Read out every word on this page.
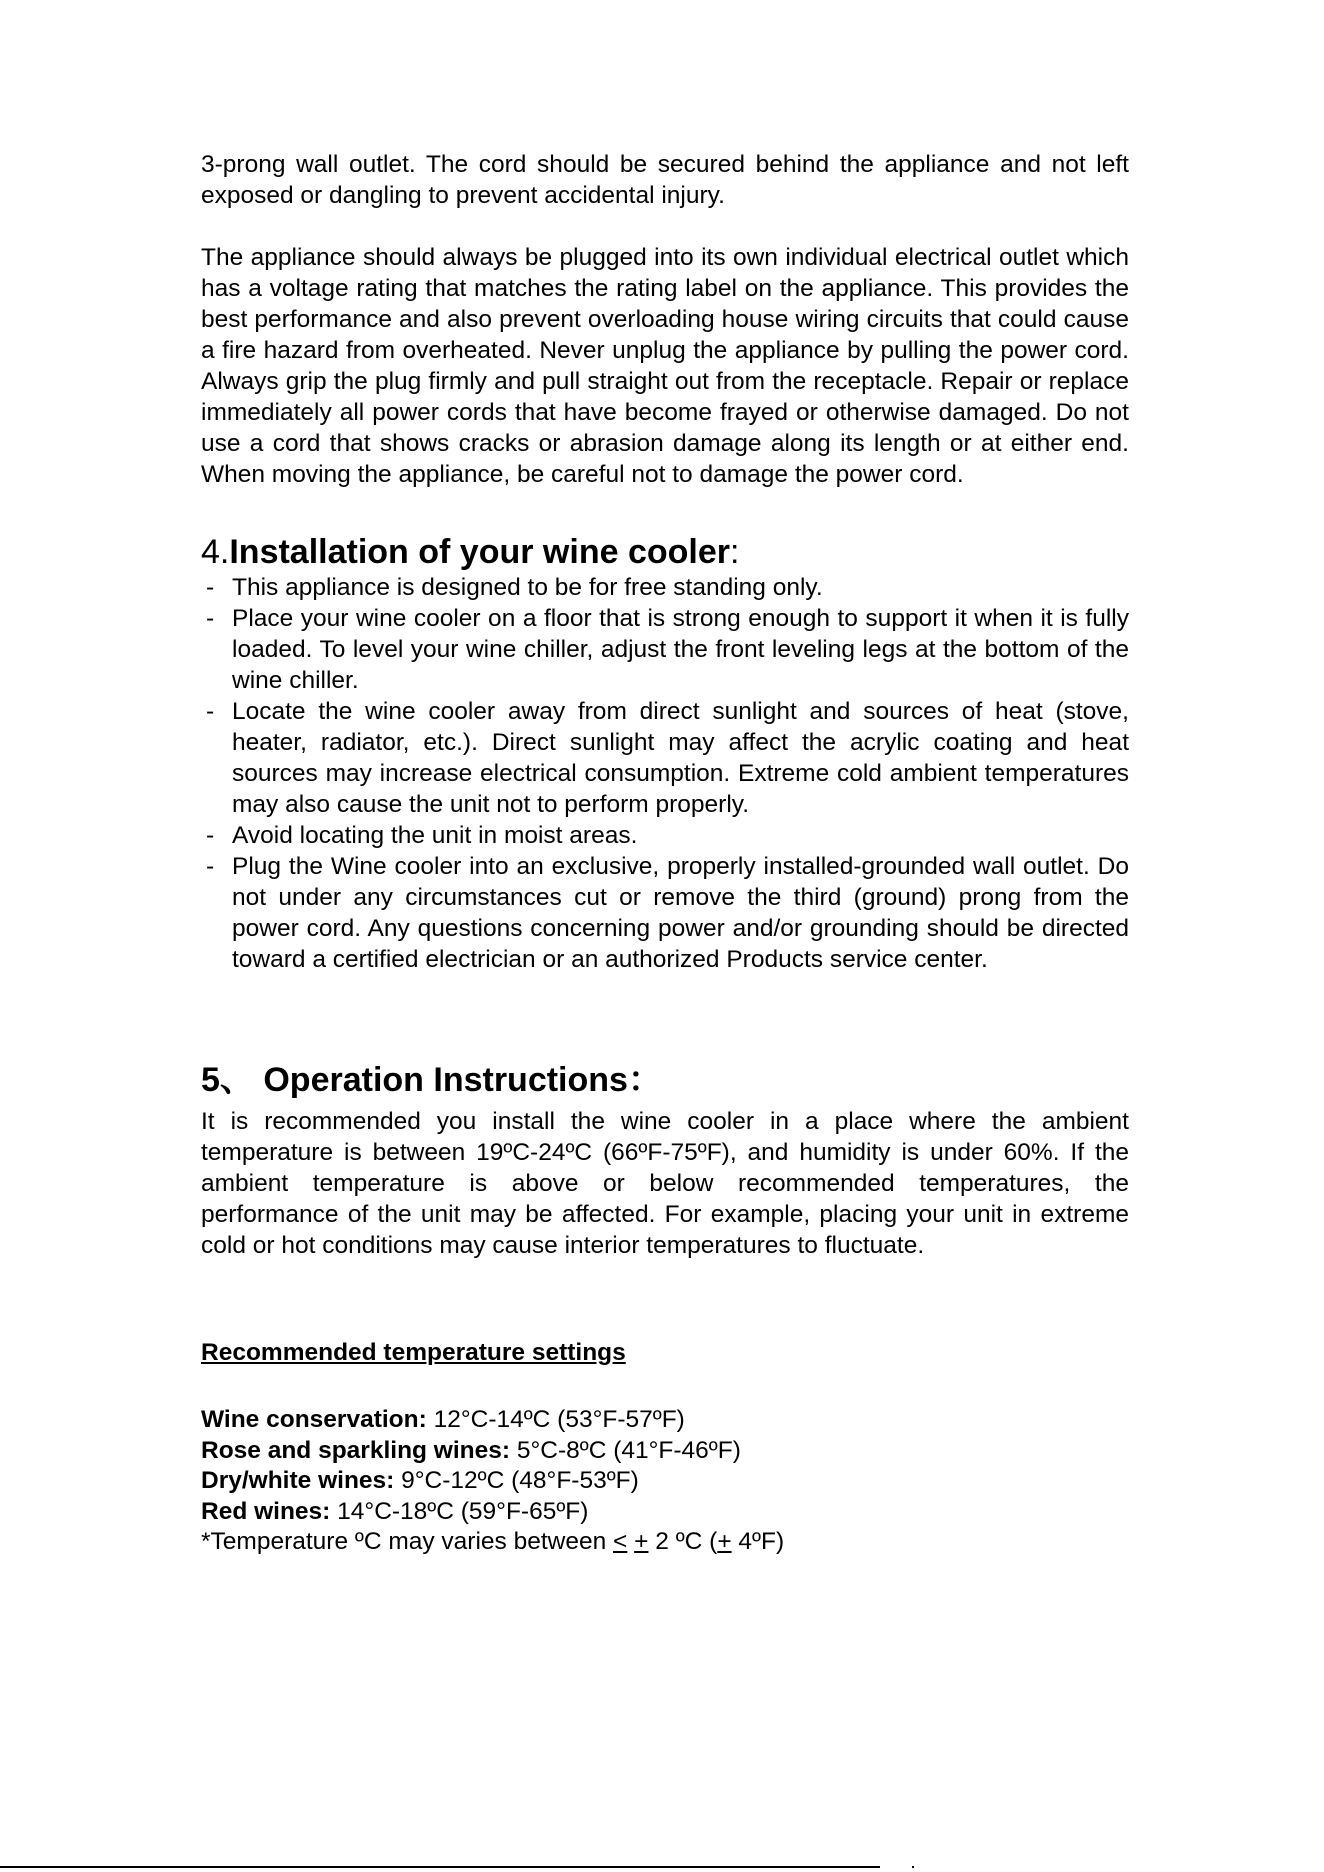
3-prong wall outlet. The cord should be secured behind the appliance and not left exposed or dangling to prevent accidental injury.

The appliance should always be plugged into its own individual electrical outlet which has a voltage rating that matches the rating label on the appliance. This provides the best performance and also prevent overloading house wiring circuits that could cause a fire hazard from overheated. Never unplug the appliance by pulling the power cord. Always grip the plug firmly and pull straight out from the receptacle. Repair or replace immediately all power cords that have become frayed or otherwise damaged. Do not use a cord that shows cracks or abrasion damage along its length or at either end. When moving the appliance, be careful not to damage the power cord.

4.Installation of your wine cooler:
- This appliance is designed to be for free standing only.
- Place your wine cooler on a floor that is strong enough to support it when it is fully loaded. To level your wine chiller, adjust the front leveling legs at the bottom of the wine chiller.
- Locate the wine cooler away from direct sunlight and sources of heat (stove, heater, radiator, etc.). Direct sunlight may affect the acrylic coating and heat sources may increase electrical consumption. Extreme cold ambient temperatures may also cause the unit not to perform properly.
- Avoid locating the unit in moist areas.
- Plug the Wine cooler into an exclusive, properly installed-grounded wall outlet. Do not under any circumstances cut or remove the third (ground) prong from the power cord. Any questions concerning power and/or grounding should be directed toward a certified electrician or an authorized Products service center.
5、 Operation Instructions：

It is recommended you install the wine cooler in a place where the ambient temperature is between 19ºC-24ºC (66ºF-75ºF), and humidity is under 60%. If the ambient temperature is above or below recommended temperatures, the performance of the unit may be affected. For example, placing your unit in extreme cold or hot conditions may cause interior temperatures to fluctuate.

Recommended temperature settings

Wine conservation: 12°C-14ºC (53°F-57ºF)

Rose and sparkling wines: 5°C-8ºC (41°F-46ºF)

Dry/white wines: 9°C-12ºC (48°F-53ºF)

Red wines: 14°C-18ºC (59°F-65ºF)

*Temperature ºC may varies between < + 2 ºC (+ 4ºF)
